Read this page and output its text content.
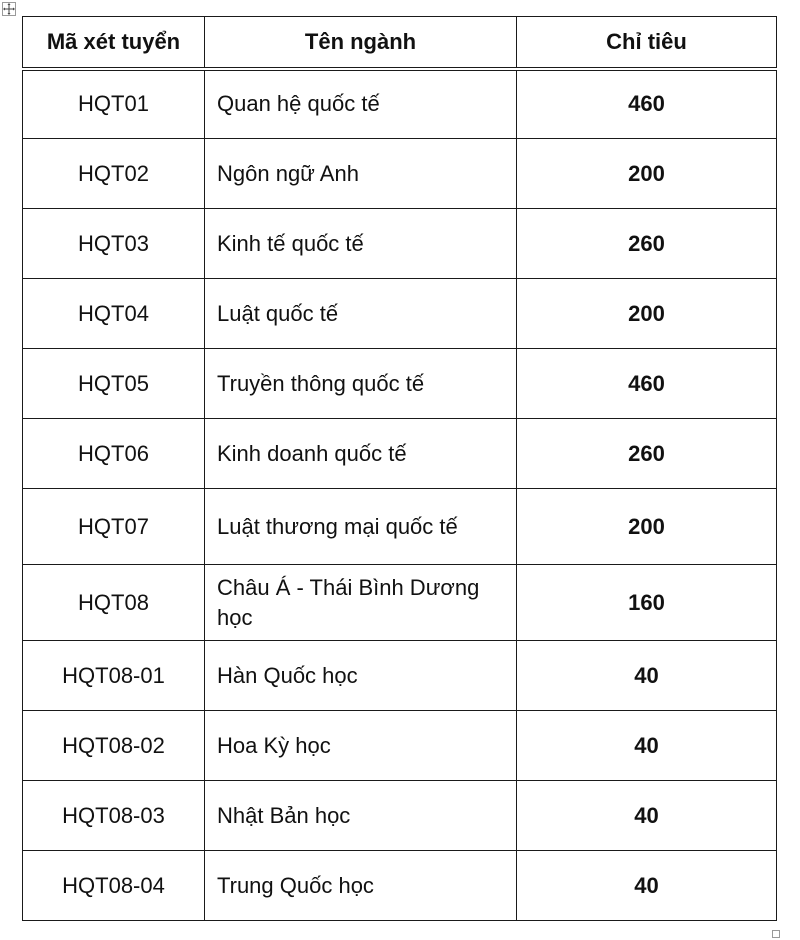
Mã xét tuyển	Tên ngành	Chỉ tiêu
HQT01	Quan hệ quốc tế	460
HQT02	Ngôn ngữ Anh	200
HQT03	Kinh tế quốc tế	260
HQT04	Luật quốc tế	200
HQT05	Truyền thông quốc tế	460
HQT06	Kinh doanh quốc tế	260
HQT07	Luật thương mại quốc tế	200
HQT08	Châu Á - Thái Bình Dương học	160
HQT08-01	Hàn Quốc học	40
HQT08-02	Hoa Kỳ học	40
HQT08-03	Nhật Bản học	40
HQT08-04	Trung Quốc học	40
